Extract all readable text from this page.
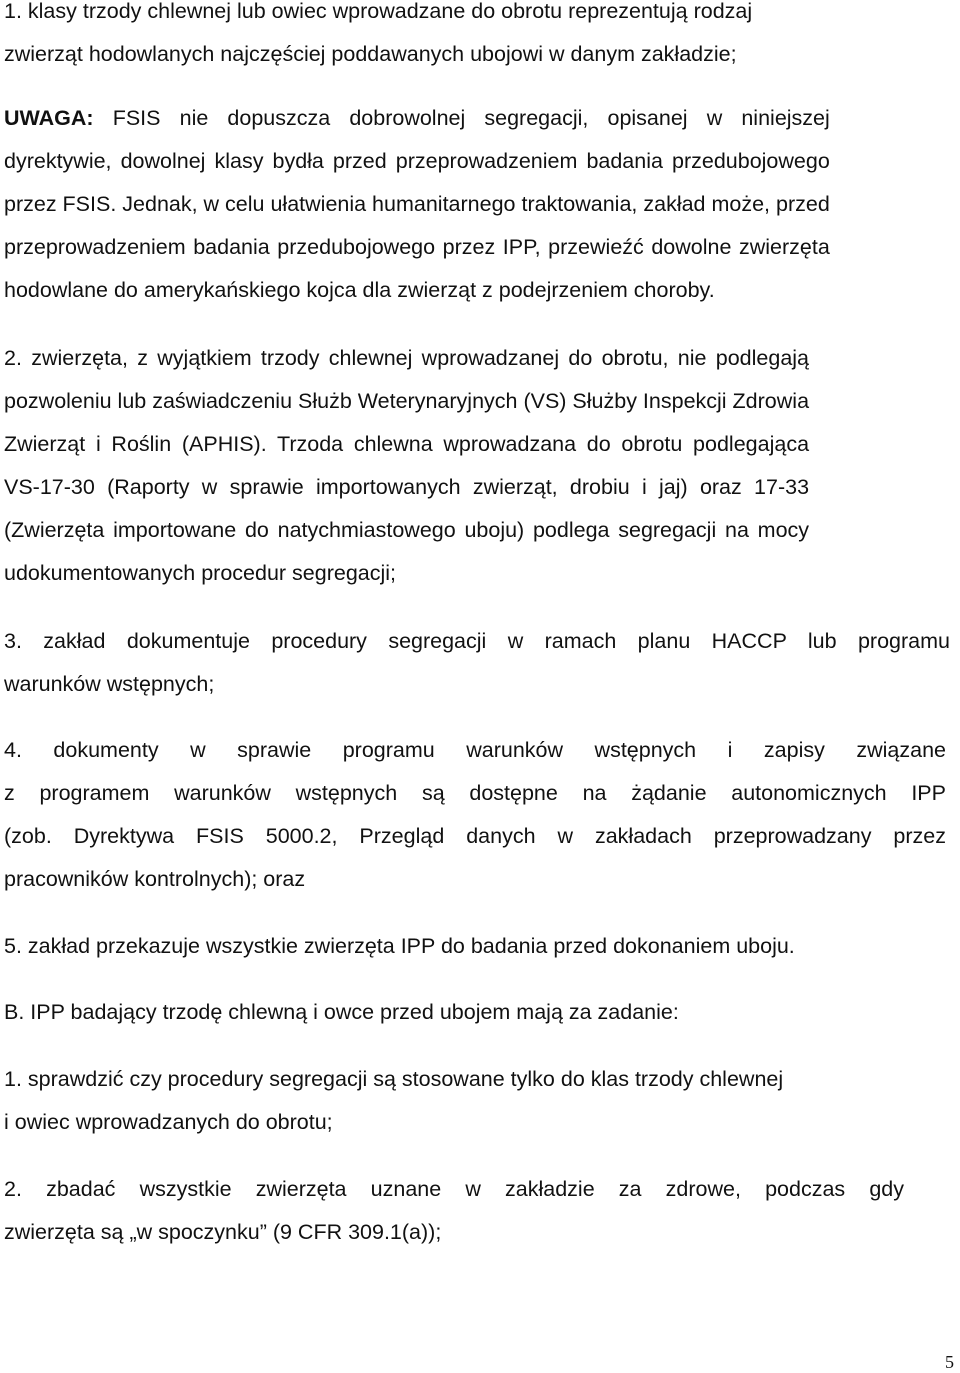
1. klasy trzody chlewnej lub owiec wprowadzane do obrotu reprezentują rodzaj
zwierząt hodowlanych najczęściej poddawanych ubojowi w danym zakładzie;
UWAGA: FSIS nie dopuszcza dobrowolnej segregacji, opisanej w niniejszej
dyrektywie, dowolnej klasy bydła przed przeprowadzeniem badania przedubojowego
przez FSIS. Jednak, w celu ułatwienia humanitarnego traktowania, zakład może, przed
przeprowadzeniem badania przedubojowego przez IPP, przewieźć dowolne zwierzęta
hodowlane do amerykańskiego kojca dla zwierząt z podejrzeniem choroby.
2. zwierzęta, z wyjątkiem trzody chlewnej wprowadzanej do obrotu, nie podlegają
pozwoleniu lub zaświadczeniu Służb Weterynaryjnych (VS) Służby Inspekcji Zdrowia
Zwierząt i Roślin (APHIS). Trzoda chlewna wprowadzana do obrotu podlegająca
VS-17-30 (Raporty w sprawie importowanych zwierząt, drobiu i jaj) oraz 17-33
(Zwierzęta importowane do natychmiastowego uboju) podlega segregacji na mocy
udokumentowanych procedur segregacji;
3. zakład dokumentuje procedury segregacji w ramach planu HACCP lub programu
warunków wstępnych;
4. dokumenty w sprawie programu warunków wstępnych i zapisy związane
z programem warunków wstępnych są dostępne na żądanie autonomicznych IPP
(zob. Dyrektywa FSIS 5000.2, Przegląd danych w zakładach przeprowadzany przez
pracowników kontrolnych); oraz
5. zakład przekazuje wszystkie zwierzęta IPP do badania przed dokonaniem uboju.
B. IPP badający trzodę chlewną i owce przed ubojem mają za zadanie:
1. sprawdzić czy procedury segregacji są stosowane tylko do klas trzody chlewnej
i owiec wprowadzanych do obrotu;
2. zbadać wszystkie zwierzęta uznane w zakładzie za zdrowe, podczas gdy
zwierzęta są „w spoczynku” (9 CFR 309.1(a));
5
